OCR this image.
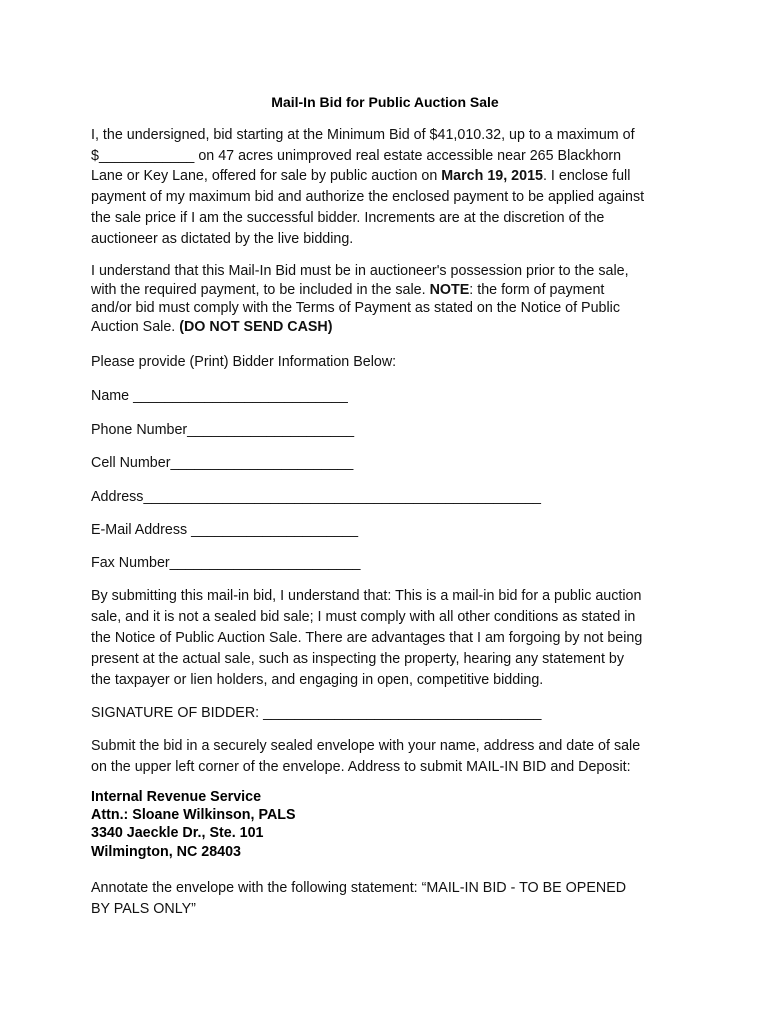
Mail-In Bid for Public Auction Sale
I, the undersigned, bid starting at the Minimum Bid of $41,010.32, up to a maximum of
$____________ on 47 acres unimproved real estate accessible near 265 Blackhorn
Lane or Key Lane, offered for sale by public auction on March 19, 2015. I enclose full
payment of my maximum bid and authorize the enclosed payment to be applied against
the sale price if I am the successful bidder. Increments are at the discretion of the
auctioneer as dictated by the live bidding.
I understand that this Mail-In Bid must be in auctioneer's possession prior to the sale,
with the required payment, to be included in the sale. NOTE: the form of payment
and/or bid must comply with the Terms of Payment as stated on the Notice of Public
Auction Sale. (DO NOT SEND CASH)
Please provide (Print) Bidder Information Below:
Name ___________________________
Phone Number_____________________
Cell Number_______________________
Address__________________________________________________
E-Mail Address _____________________
Fax Number________________________
By submitting this mail-in bid, I understand that: This is a mail-in bid for a public auction
sale, and it is not a sealed bid sale; I must comply with all other conditions as stated in
the Notice of Public Auction Sale. There are advantages that I am forgoing by not being
present at the actual sale, such as inspecting the property, hearing any statement by
the taxpayer or lien holders, and engaging in open, competitive bidding.
SIGNATURE OF BIDDER: ___________________________________
Submit the bid in a securely sealed envelope with your name, address and date of sale
on the upper left corner of the envelope. Address to submit MAIL-IN BID and Deposit:
Internal Revenue Service
Attn.: Sloane Wilkinson, PALS
3340 Jaeckle Dr., Ste. 101
Wilmington, NC 28403
Annotate the envelope with the following statement: “MAIL-IN BID - TO BE OPENED
BY PALS ONLY”
